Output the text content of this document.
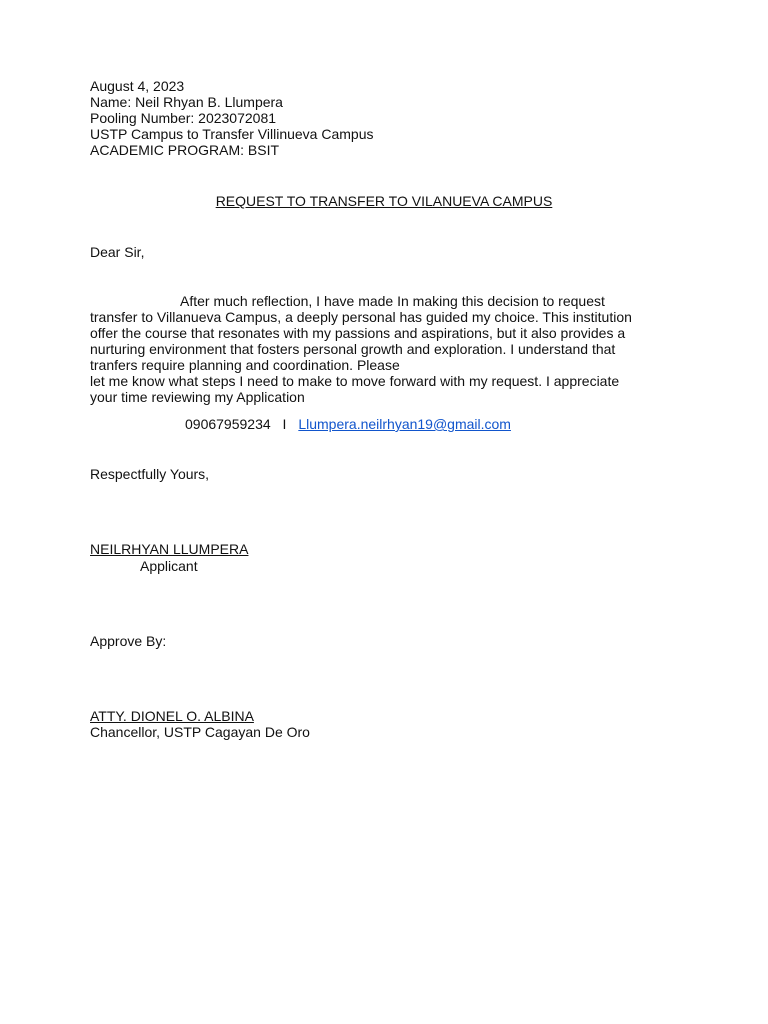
August 4, 2023
Name: Neil Rhyan B. Llumpera
Pooling Number: 2023072081
USTP Campus to Transfer Villinueva Campus
ACADEMIC PROGRAM: BSIT
REQUEST TO TRANSFER TO VILANUEVA CAMPUS
Dear Sir,
After much reflection, I have made In making this decision to request
transfer to Villanueva Campus, a deeply personal has guided my choice. This institution
offer the course that resonates with my passions and aspirations, but it also provides a
nurturing environment that fosters personal growth and exploration. I understand that
tranfers require planning and coordination. Please
let me know what steps I need to make to move forward with my request. I appreciate
your time reviewing my Application
09067959234 I Llumpera.neilrhyan19@gmail.com
Respectfully Yours,
NEILRHYAN LLUMPERA
Applicant
Approve By:
ATTY. DIONEL O. ALBINA
Chancellor, USTP Cagayan De Oro
